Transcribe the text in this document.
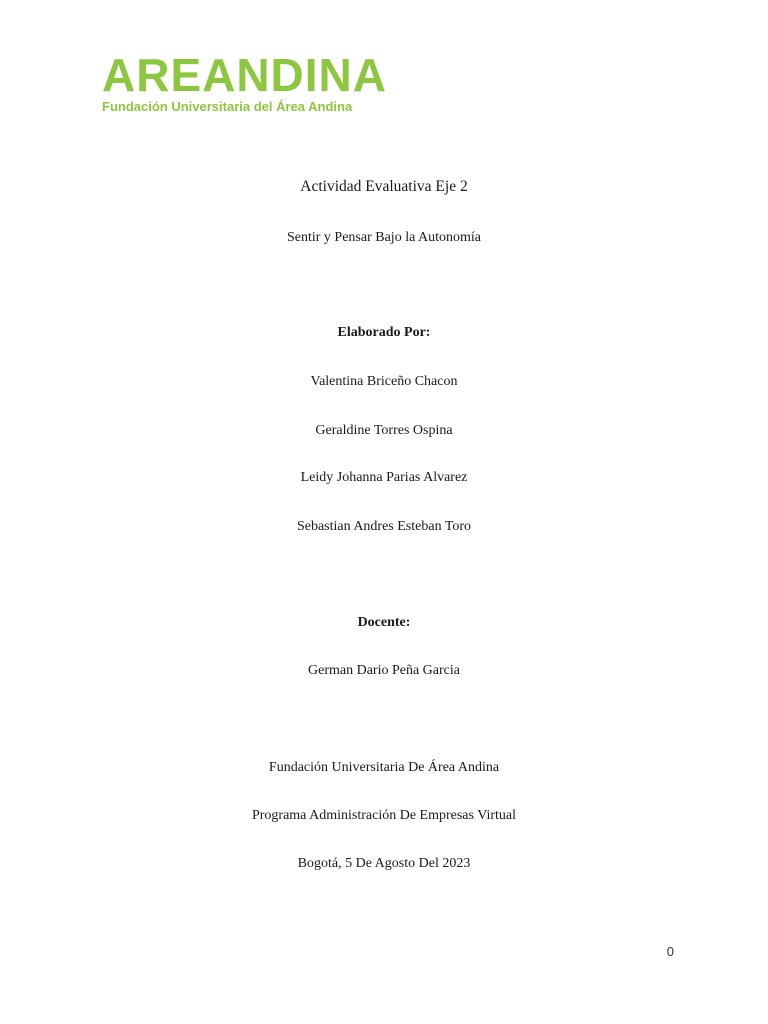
AREANDINA
Fundación Universitaria del Área Andina
Actividad Evaluativa Eje 2
Sentir y Pensar Bajo la Autonomía
Elaborado Por:
Valentina Briceño Chacon
Geraldine Torres Ospina
Leidy Johanna Parias Alvarez
Sebastian Andres Esteban Toro
Docente:
German Dario Peña Garcia
Fundación Universitaria De Área Andina
Programa Administración De Empresas Virtual
Bogotá, 5 De Agosto Del 2023
0
